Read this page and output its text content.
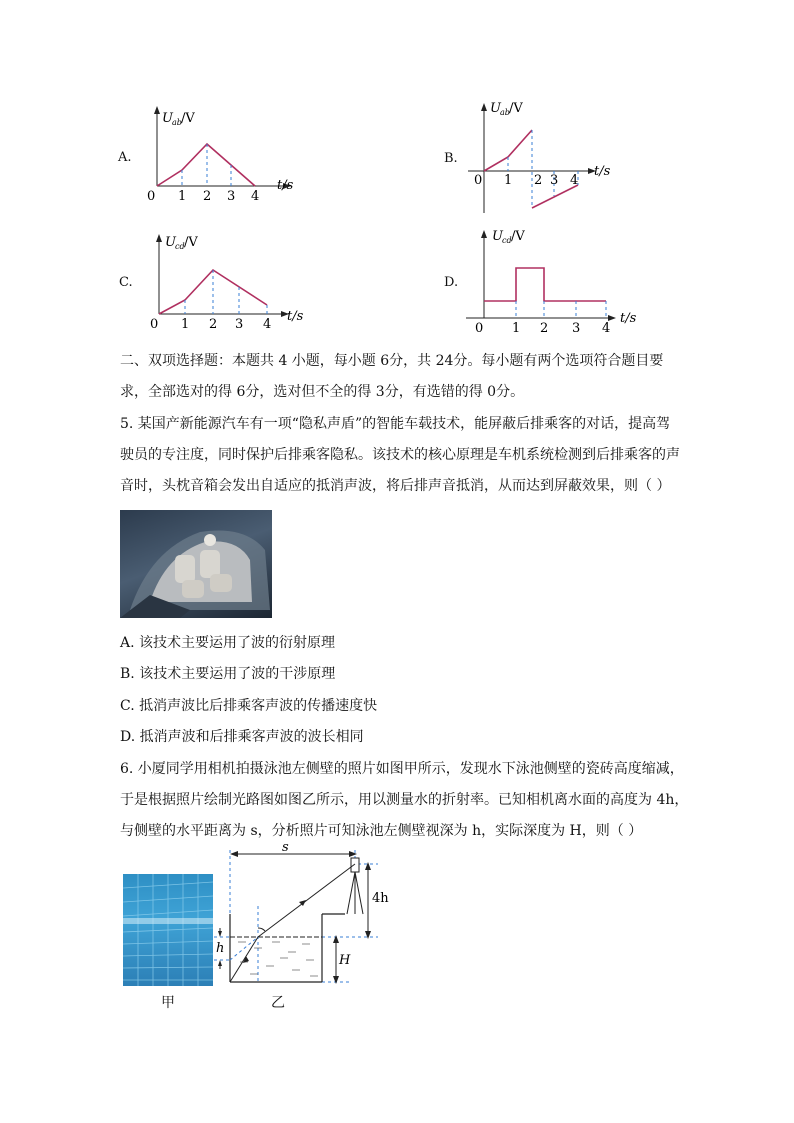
A.
0 1 2 3 4
t/s
U ab /V
B.
0 1 2 3 4
t/s
U ab /V
C.
0 1 2 3 4
t/s
U cd /V
D.
0 1 2 3 4
t/s
U cd /V
二、双项选择题：本题共 4 小题，每小题 6分，共 24分。每小题有两个选项符合题目要
求，全部选对的得 6分，选对但不全的得 3分，有选错的得 0分。
5. 某国产新能源汽车有一项“隐私声盾”的智能车载技术，能屏蔽后排乘客的对话，提高驾
驶员的专注度，同时保护后排乘客隐私。该技术的核心原理是车机系统检测到后排乘客的声
音时，头枕音箱会发出自适应的抵消声波，将后排声音抵消，从而达到屏蔽效果，则（ ）
A. 该技术主要运用了波的衍射原理
B. 该技术主要运用了波的干涉原理
C. 抵消声波比后排乘客声波的传播速度快
D. 抵消声波和后排乘客声波的波长相同
6. 小厦同学用相机拍摄泳池左侧壁的照片如图甲所示，发现水下泳池侧壁的瓷砖高度缩减，
于是根据照片绘制光路图如图乙所示，用以测量水的折射率。已知相机离水面的高度为 4h，
与侧壁的水平距离为 s，分析照片可知泳池左侧壁视深为 h，实际深度为 H，则（ ）
甲
s
4h
H
h
乙
